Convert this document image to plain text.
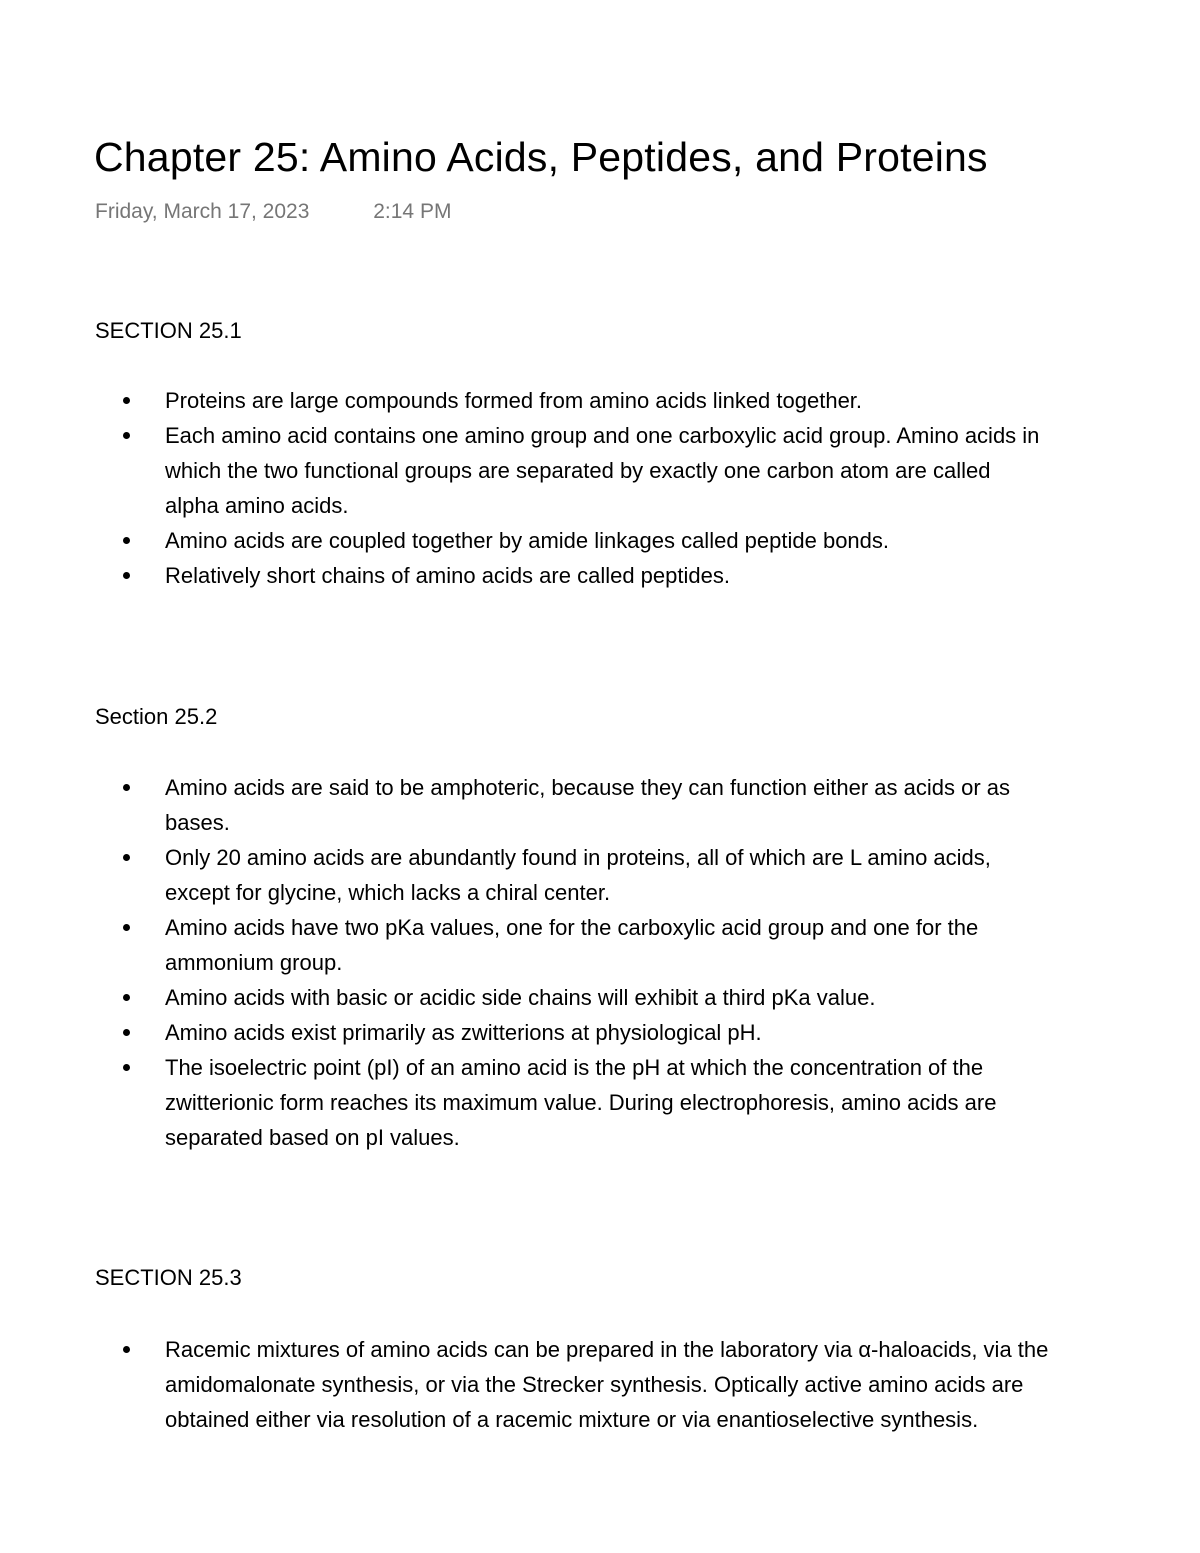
Chapter 25: Amino Acids, Peptides, and Proteins
Friday, March 17, 2023	2:14 PM
SECTION 25.1
Proteins are large compounds formed from amino acids linked together.
Each amino acid contains one amino group and one carboxylic acid group. Amino acids in
which the two functional groups are separated by exactly one carbon atom are called
alpha amino acids.
Amino acids are coupled together by amide linkages called peptide bonds.
Relatively short chains of amino acids are called peptides.
Section 25.2
Amino acids are said to be amphoteric, because they can function either as acids or as
bases.
Only 20 amino acids are abundantly found in proteins, all of which are L amino acids,
except for glycine, which lacks a chiral center.
Amino acids have two pKa values, one for the carboxylic acid group and one for the
ammonium group.
Amino acids with basic or acidic side chains will exhibit a third pKa value.
Amino acids exist primarily as zwitterions at physiological pH.
The isoelectric point (pI) of an amino acid is the pH at which the concentration of the
zwitterionic form reaches its maximum value. During electrophoresis, amino acids are
separated based on pI values.
SECTION 25.3
Racemic mixtures of amino acids can be prepared in the laboratory via α-haloacids, via the
amidomalonate synthesis, or via the Strecker synthesis. Optically active amino acids are
obtained either via resolution of a racemic mixture or via enantioselective synthesis.
